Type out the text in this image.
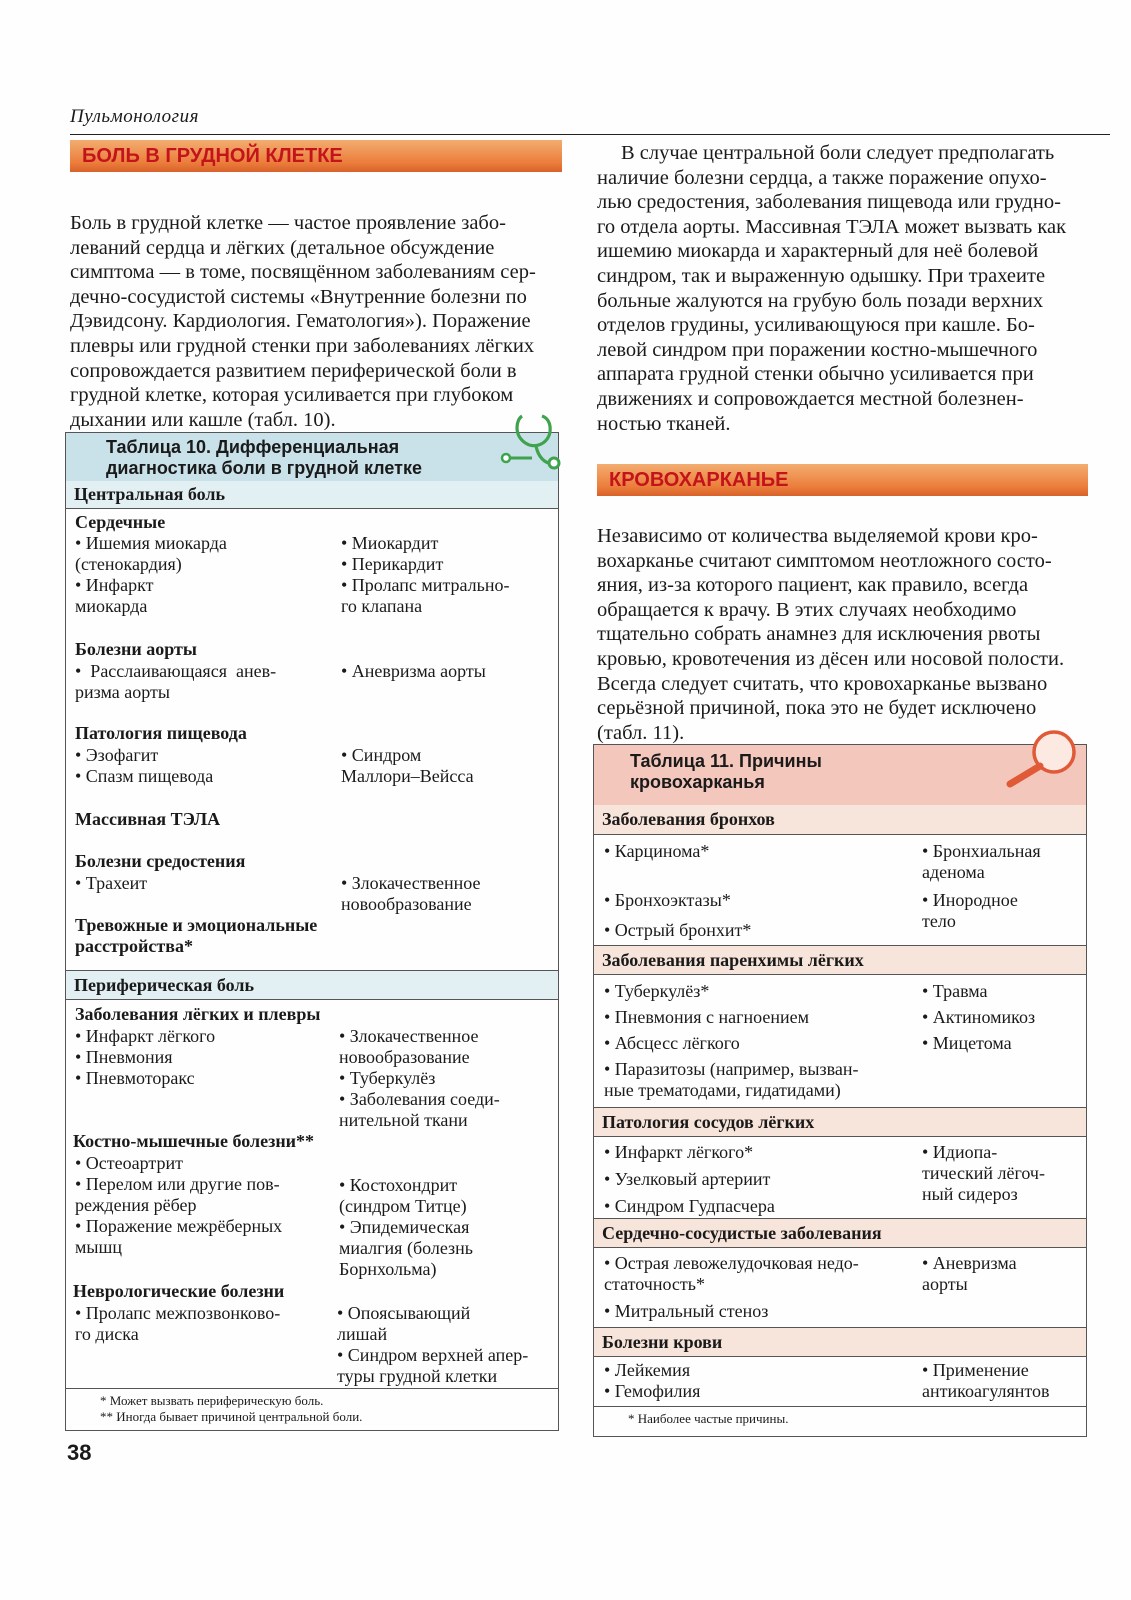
Пульмонология
БОЛЬ В ГРУДНОЙ КЛЕТКЕ
Боль в грудной клетке — частое проявление забо-
леваний сердца и лёгких (детальное обсуждение
симптома — в томе, посвящённом заболеваниям сер-
дечно-сосудистой системы «Внутренние болезни по
Дэвидсону. Кардиология. Гематология»). Поражение
плевры или грудной стенки при заболеваниях лёгких
сопровождается развитием периферической боли в
грудной клетке, которая усиливается при глубоком
дыхании или кашле (табл. 10).
Таблица 10. Дифференциальная
диагностика боли в грудной клетке
Центральная боль
Сердечные
• Ишемия миокарда
(стенокардия)
• Инфаркт
миокарда
• Миокардит
• Перикардит
• Пролапс митрально-
го клапана
Болезни аорты
•  Расслаивающаяся  анев-
ризма аорты
• Аневризма аорты
Патология пищевода
• Эзофагит
• Спазм пищевода
• Синдром
Маллори–Вейсса
Массивная ТЭЛА
Болезни средостения
• Трахеит	• Злокачественное
новообразование
Тревожные и эмоциональные
расстройства*
Периферическая боль
Заболевания лёгких и плевры
• Инфаркт лёгкого
• Пневмония
• Пневмоторакс
• Злокачественное
новообразование
• Туберкулёз
• Заболевания соеди-
нительной ткани
Костно-мышечные болезни**
• Остеоартрит
• Перелом или другие пов-
реждения рёбер
• Поражение межрёберных
мышц
• Костохондрит
(синдром Титце)
• Эпидемическая
миалгия (болезнь
Борнхольма)
Неврологические болезни
• Пролапс межпозвонково-
го диска
• Опоясывающий
лишай
• Синдром верхней апер-
туры грудной клетки
* Может вызвать периферическую боль.
** Иногда бывает причиной центральной боли.
В случае центральной боли следует предполагать
наличие болезни сердца, а также поражение опухо-
лью средостения, заболевания пищевода или грудно-
го отдела аорты. Массивная ТЭЛА может вызвать как
ишемию миокарда и характерный для неё болевой
синдром, так и выраженную одышку. При трахеите
больные жалуются на грубую боль позади верхних
отделов грудины, усиливающуюся при кашле. Бо-
левой синдром при поражении костно-мышечного
аппарата грудной стенки обычно усиливается при
движениях и сопровождается местной болезнен-
ностью тканей.
КРОВОХАРКАНЬЕ
Независимо от количества выделяемой крови кро-
вохарканье считают симптомом неотложного состо-
яния, из-за которого пациент, как правило, всегда
обращается к врачу. В этих случаях необходимо
тщательно собрать анамнез для исключения рвоты
кровью, кровотечения из дёсен или носовой полости.
Всегда следует считать, что кровохарканье вызвано
серьёзной причиной, пока это не будет исключено
(табл. 11).
Таблица 11. Причины
кровохарканья
Заболевания бронхов
• Карцинома*
• Бронхоэктазы*
• Острый бронхит*
• Бронхиальная
аденома
• Инородное
тело
Заболевания паренхимы лёгких
• Туберкулёз*
• Пневмония с нагноением
• Абсцесс лёгкого
• Паразитозы (например, вызван-
ные трематодами, гидатидами)
• Травма
• Актиномикоз
• Мицетома
Патология сосудов лёгких
• Инфаркт лёгкого*
• Узелковый артериит
• Синдром Гудпасчера
• Идиопа-
тический лёгоч-
ный сидероз
Сердечно-сосудистые заболевания
• Острая левожелудочковая недо-
статочность*
• Митральный стеноз
• Аневризма
аорты
Болезни крови
• Лейкемия
• Гемофилия
• Применение
антикоагулянтов
* Наиболее частые причины.
38
